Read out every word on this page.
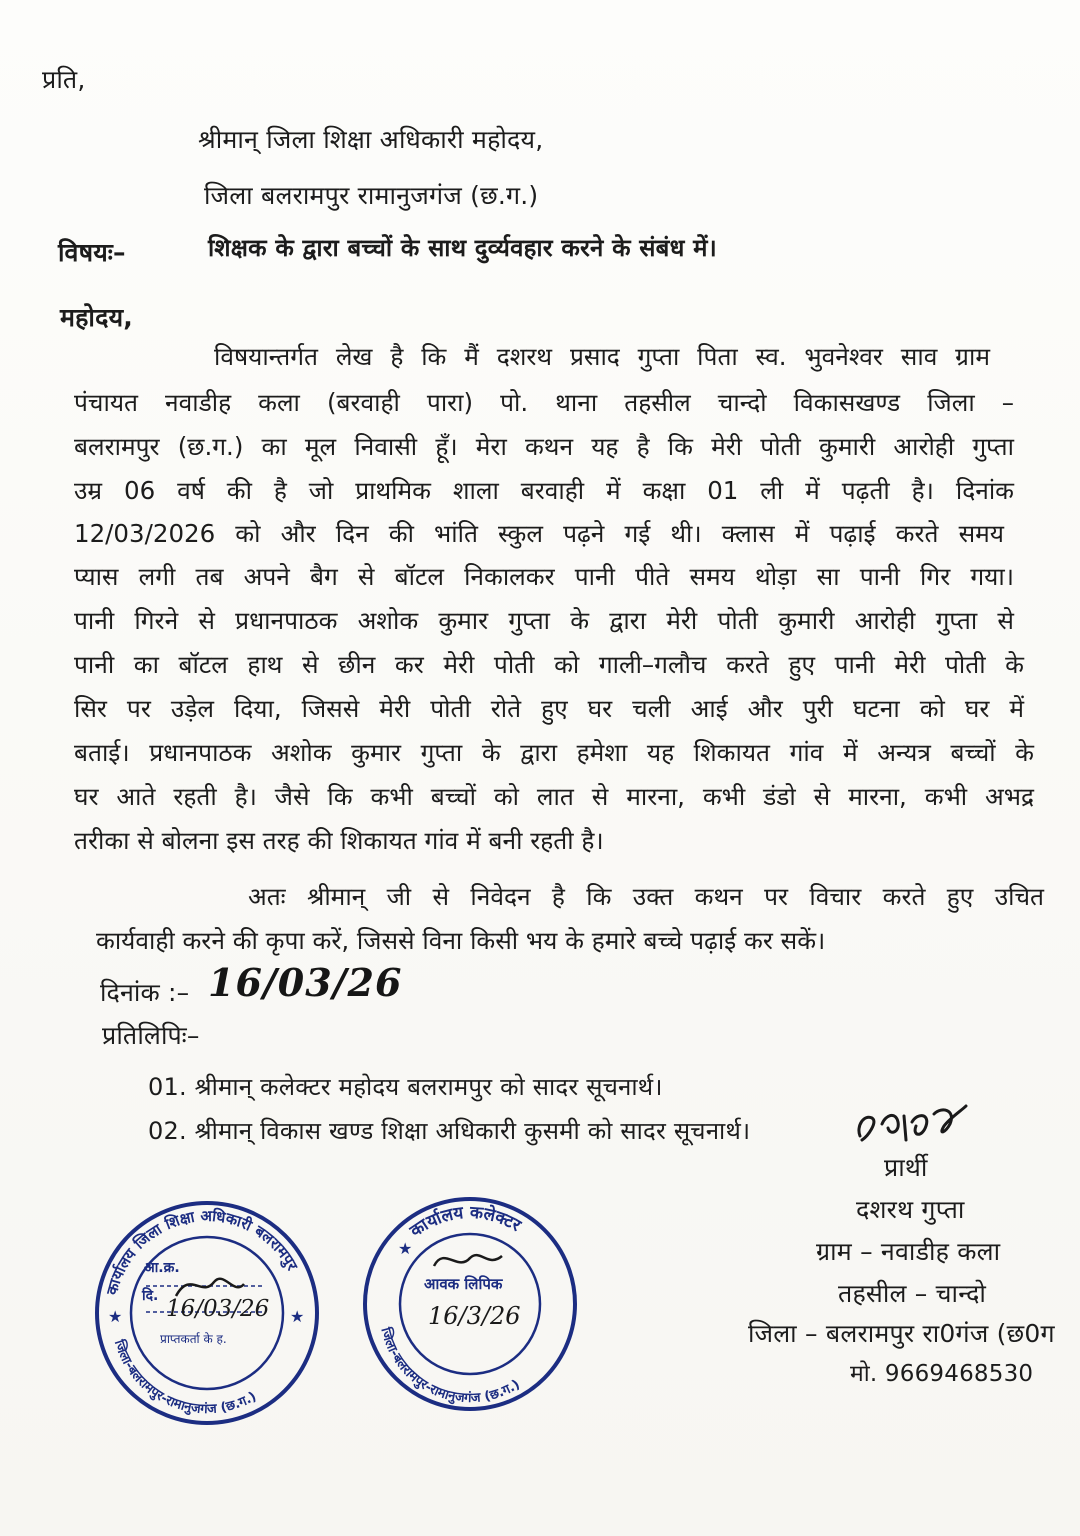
प्रति,
श्रीमान् जिला शिक्षा अधिकारी महोदय,
जिला बलरामपुर रामानुजगंज (छ.ग.)
विषयः–	शिक्षक के द्वारा बच्चों के साथ दुर्व्यवहार करने के संबंध में।
महोदय,
विषयान्तर्गत लेख है कि मैं दशरथ प्रसाद गुप्ता पिता स्व. भुवनेश्वर साव ग्राम
पंचायत नवाडीह कला (बरवाही पारा) पो. थाना तहसील चान्दो विकासखण्ड जिला –
बलरामपुर (छ.ग.) का मूल निवासी हूँ। मेरा कथन यह है कि मेरी पोती कुमारी आरोही गुप्ता
उम्र 06 वर्ष की है जो प्राथमिक शाला बरवाही में कक्षा 01 ली में पढ़ती है। दिनांक
12/03/2026 को और दिन की भांति स्कुल पढ़ने गई थी। क्लास में पढ़ाई करते समय
प्यास लगी तब अपने बैग से बॉटल निकालकर पानी पीते समय थोड़ा सा पानी गिर गया।
पानी गिरने से प्रधानपाठक अशोक कुमार गुप्ता के द्वारा मेरी पोती कुमारी आरोही गुप्ता से
पानी का बॉटल हाथ से छीन कर मेरी पोती को गाली–गलौच करते हुए पानी मेरी पोती के
सिर पर उड़ेल दिया, जिससे मेरी पोती रोते हुए घर चली आई और पुरी घटना को घर में
बताई। प्रधानपाठक अशोक कुमार गुप्ता के द्वारा हमेशा यह शिकायत गांव में अन्यत्र बच्चों के
घर आते रहती है। जैसे कि कभी बच्चों को लात से मारना, कभी डंडो से मारना, कभी अभद्र
तरीका से बोलना इस तरह की शिकायत गांव में बनी रहती है।
अतः श्रीमान् जी से निवेदन है कि उक्त कथन पर विचार करते हुए उचित
कार्यवाही करने की कृपा करें, जिससे विना किसी भय के हमारे बच्चे पढ़ाई कर सकें।
दिनांक :– 16/03/26
प्रतिलिपिः–
01. श्रीमान् कलेक्टर महोदय बलरामपुर को सादर सूचनार्थ।
02. श्रीमान् विकास खण्ड शिक्षा अधिकारी कुसमी को सादर सूचनार्थ।
प्रार्थी
दशरथ गुप्ता
ग्राम – नवाडीह कला
तहसील – चान्दो
जिला – बलरामपुर रा0गंज (छ0ग
मो. 9669468530
कार्यालय जिला शिक्षा अधिकारी बलरामपुर
जिला-बलरामपुर-रामानुजगंज (छ.ग.)
★	★
आ.क्र.
दि. 16/03/26
प्राप्तकर्ता के ह.
कार्यालय कलेक्टर
जिला-बलरामपुर-रामानुजगंज (छ.ग.)
★
आवक लिपिक
16/3/26
